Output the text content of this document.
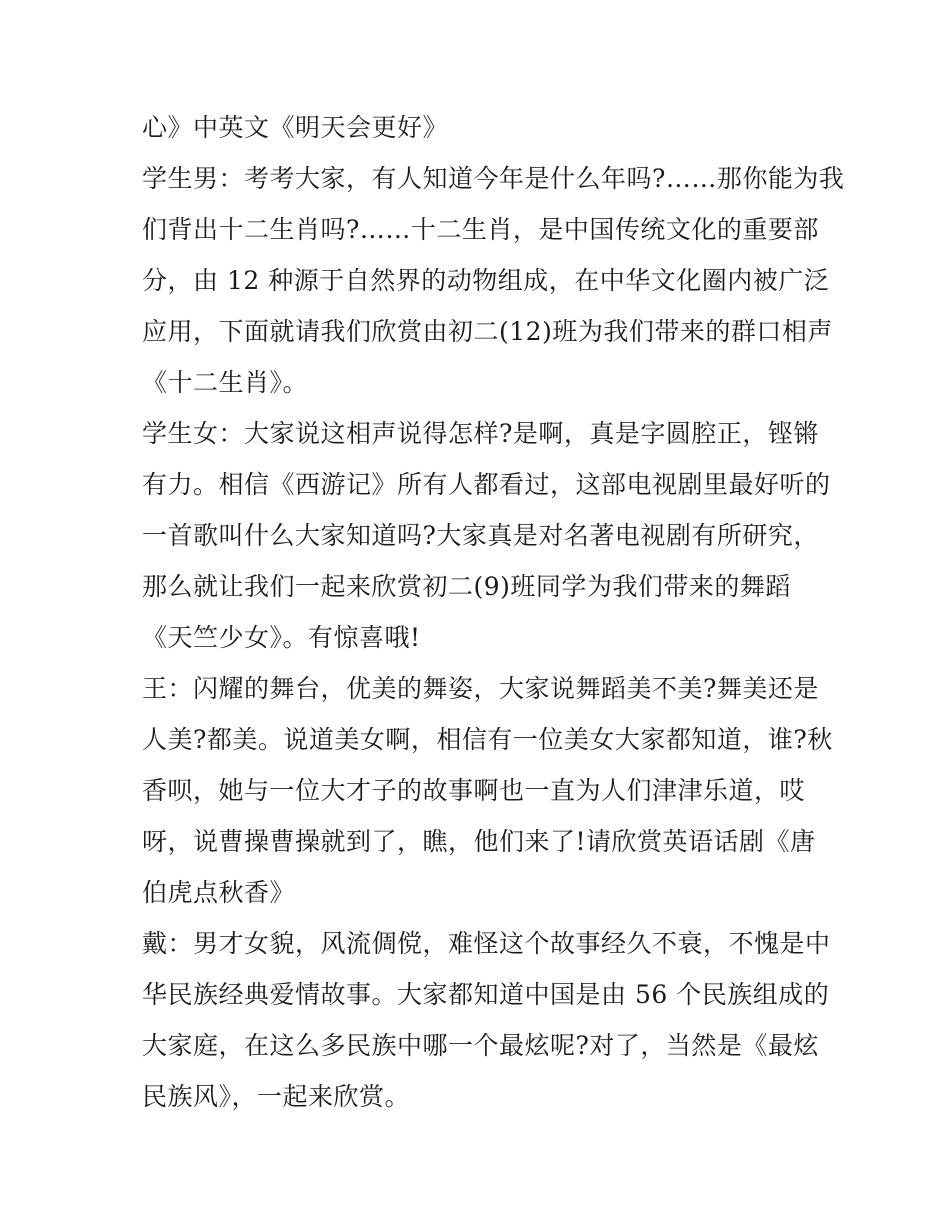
心》中英文《明天会更好》
学生男：考考大家，有人知道今年是什么年吗?……那你能为我
们背出十二生肖吗?……十二生肖，是中国传统文化的重要部
分，由 12 种源于自然界的动物组成，在中华文化圈内被广泛
应用，下面就请我们欣赏由初二(12)班为我们带来的群口相声
《十二生肖》。
学生女：大家说这相声说得怎样?是啊，真是字圆腔正，铿锵
有力。相信《西游记》所有人都看过，这部电视剧里最好听的
一首歌叫什么大家知道吗?大家真是对名著电视剧有所研究，
那么就让我们一起来欣赏初二(9)班同学为我们带来的舞蹈
《天竺少女》。有惊喜哦!
王：闪耀的舞台，优美的舞姿，大家说舞蹈美不美?舞美还是
人美?都美。说道美女啊，相信有一位美女大家都知道，谁?秋
香呗，她与一位大才子的故事啊也一直为人们津津乐道，哎
呀，说曹操曹操就到了，瞧，他们来了!请欣赏英语话剧《唐
伯虎点秋香》
戴：男才女貌，风流倜傥，难怪这个故事经久不衰，不愧是中
华民族经典爱情故事。大家都知道中国是由 56 个民族组成的
大家庭，在这么多民族中哪一个最炫呢?对了，当然是《最炫
民族风》，一起来欣赏。
